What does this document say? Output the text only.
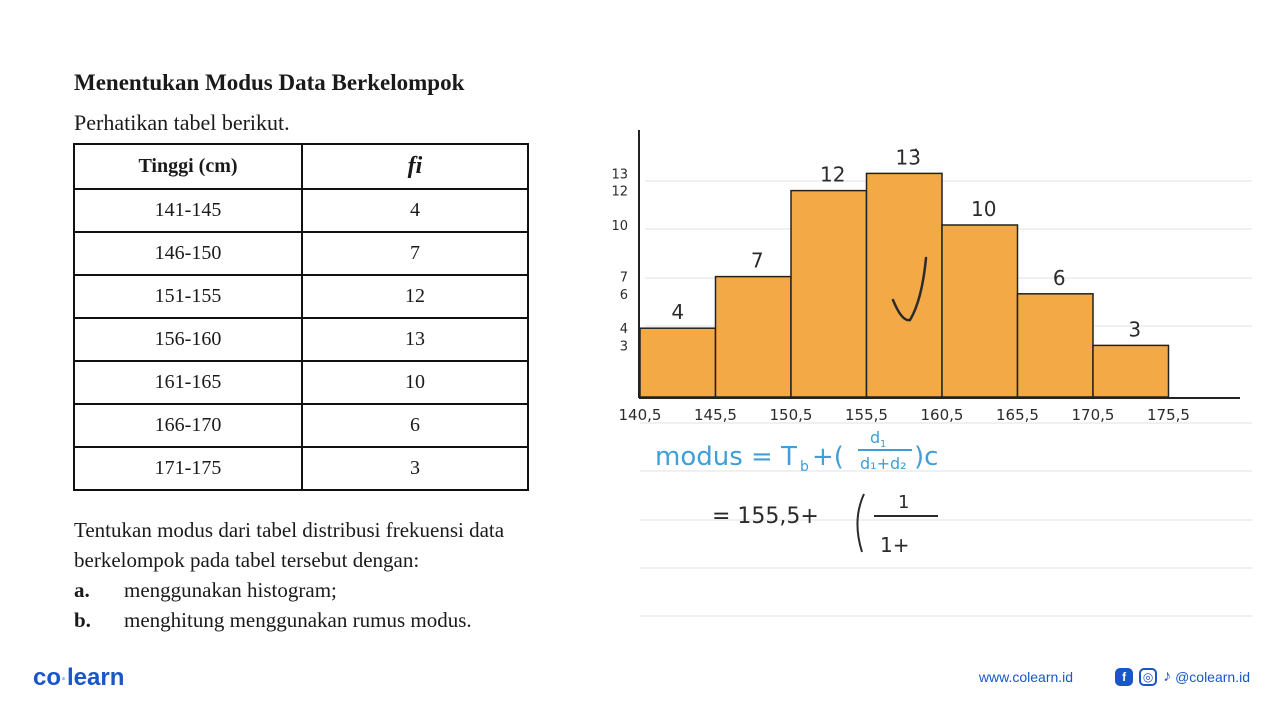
Menentukan Modus Data Berkelompok
Perhatikan tabel berikut.
Tinggi (cm)	fi
141-145	4
146-150	7
151-155	12
156-160	13
161-165	10
166-170	6
171-175	3

Tentukan modus dari tabel distribusi frekuensi data

berkelompok pada tabel tersebut dengan:

a.	menggunakan histogram;
b.	menghitung menggunakan rumus modus.
4
7
12
13̇
10
6
3
13
12
10
7
6
4
3
140,5 145,5 150,5 155,5 160,5 165,5 170,5 175,5
modus = T b +(
d 1
d₁+d₂ )c
= 155,5+
1
1+
co·learn	www.colearn.id	f	◎ ♪ @colearn.id
